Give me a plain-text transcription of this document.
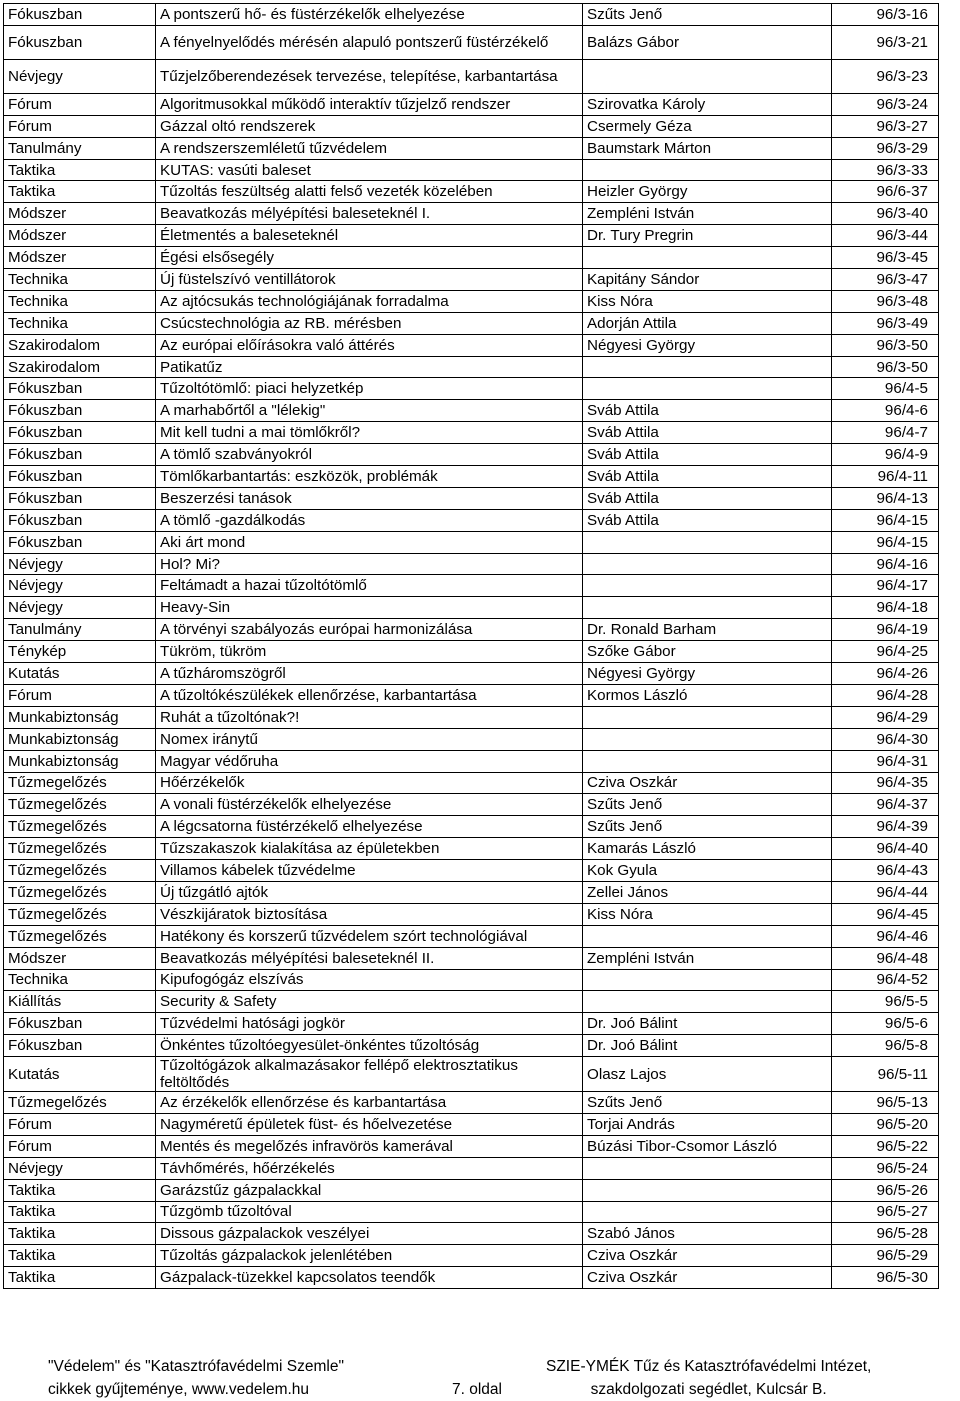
Fókuszban	A pontszerű hő- és füstérzékelők elhelyezése	Szűts Jenő	96/3-16
Fókuszban	A fényelnyelődés mérésén alapuló pontszerű füstérzékelő	Balázs Gábor	96/3-21
Névjegy	Tűzjelzőberendezések tervezése, telepítése, karbantartása		96/3-23
Fórum	Algoritmusokkal működő interaktív tűzjelző rendszer	Szirovatka Károly	96/3-24
Fórum	Gázzal oltó rendszerek	Csermely Géza	96/3-27
Tanulmány	A rendszerszemléletű tűzvédelem	Baumstark Márton	96/3-29
Taktika	KUTAS: vasúti baleset		96/3-33
Taktika	Tűzoltás feszültség alatti felső vezeték közelében	Heizler György	96/6-37
Módszer	Beavatkozás mélyépítési baleseteknél I.	Zempléni István	96/3-40
Módszer	Életmentés a baleseteknél	Dr. Tury Pregrin	96/3-44
Módszer	Égési elsősegély		96/3-45
Technika	Új füstelszívó ventillátorok	Kapitány Sándor	96/3-47
Technika	Az ajtócsukás technológiájának forradalma	Kiss Nóra	96/3-48
Technika	Csúcstechnológia az RB. mérésben	Adorján Attila	96/3-49
Szakirodalom	Az európai előírásokra való áttérés	Négyesi György	96/3-50
Szakirodalom	Patikatűz		96/3-50
Fókuszban	Tűzoltótömlő: piaci helyzetkép		96/4-5
Fókuszban	A marhabőrtől a "lélekig"	Sváb Attila	96/4-6
Fókuszban	Mit kell tudni a mai tömlőkről?	Sváb Attila	96/4-7
Fókuszban	A tömlő szabványokról	Sváb Attila	96/4-9
Fókuszban	Tömlőkarbantartás: eszközök, problémák	Sváb Attila	96/4-11
Fókuszban	Beszerzési tanások	Sváb Attila	96/4-13
Fókuszban	A tömlő -gazdálkodás	Sváb Attila	96/4-15
Fókuszban	Aki árt mond		96/4-15
Névjegy	Hol? Mi?		96/4-16
Névjegy	Feltámadt a hazai tűzoltótömlő		96/4-17
Névjegy	Heavy-Sin		96/4-18
Tanulmány	A törvényi szabályozás európai harmonizálása	Dr. Ronald Barham	96/4-19
Ténykép	Tükröm, tükröm	Szőke Gábor	96/4-25
Kutatás	A tűzháromszögről	Négyesi György	96/4-26
Fórum	A tűzoltókészülékek ellenőrzése, karbantartása	Kormos László	96/4-28
Munkabiztonság	Ruhát a tűzoltónak?!		96/4-29
Munkabiztonság	Nomex iránytű		96/4-30
Munkabiztonság	Magyar védőruha		96/4-31
Tűzmegelőzés	Hőérzékelők	Cziva Oszkár	96/4-35
Tűzmegelőzés	A vonali füstérzékelők elhelyezése	Szűts Jenő	96/4-37
Tűzmegelőzés	A légcsatorna füstérzékelő elhelyezése	Szűts Jenő	96/4-39
Tűzmegelőzés	Tűzszakaszok kialakítása az épületekben	Kamarás László	96/4-40
Tűzmegelőzés	Villamos kábelek tűzvédelme	Kok Gyula	96/4-43
Tűzmegelőzés	Új tűzgátló ajtók	Zellei János	96/4-44
Tűzmegelőzés	Vészkijáratok biztosítása	Kiss Nóra	96/4-45
Tűzmegelőzés	Hatékony és korszerű tűzvédelem szórt technológiával		96/4-46
Módszer	Beavatkozás mélyépítési baleseteknél II.	Zempléni István	96/4-48
Technika	Kipufogógáz elszívás		96/4-52
Kiállítás	Security & Safety		96/5-5
Fókuszban	Tűzvédelmi hatósági jogkör	Dr. Joó Bálint	96/5-6
Fókuszban	Önkéntes tűzoltóegyesület-önkéntes tűzoltóság	Dr. Joó Bálint	96/5-8
Kutatás	Tűzoltógázok alkalmazásakor fellépő elektrosztatikus feltöltődés	Olasz Lajos	96/5-11
Tűzmegelőzés	Az érzékelők ellenőrzése és karbantartása	Szűts Jenő	96/5-13
Fórum	Nagyméretű épületek füst- és hőelvezetése	Torjai András	96/5-20
Fórum	Mentés és megelőzés infravörös kamerával	Búzási Tibor-Csomor László	96/5-22
Névjegy	Távhőmérés, hőérzékelés		96/5-24
Taktika	Garázstűz gázpalackkal		96/5-26
Taktika	Tűzgömb tűzoltóval		96/5-27
Taktika	Dissous gázpalackok veszélyei	Szabó János	96/5-28
Taktika	Tűzoltás gázpalackok jelenlétében	Cziva Oszkár	96/5-29
Taktika	Gázpalack-tüzekkel kapcsolatos teendők	Cziva Oszkár	96/5-30
"Védelem" és "Katasztrófavédelmi Szemle"
cikkek gyűjteménye, www.vedelem.hu	7. oldal
SZIE-YMÉK Tűz és Katasztrófavédelmi Intézet,
szakdolgozati segédlet, Kulcsár B.
